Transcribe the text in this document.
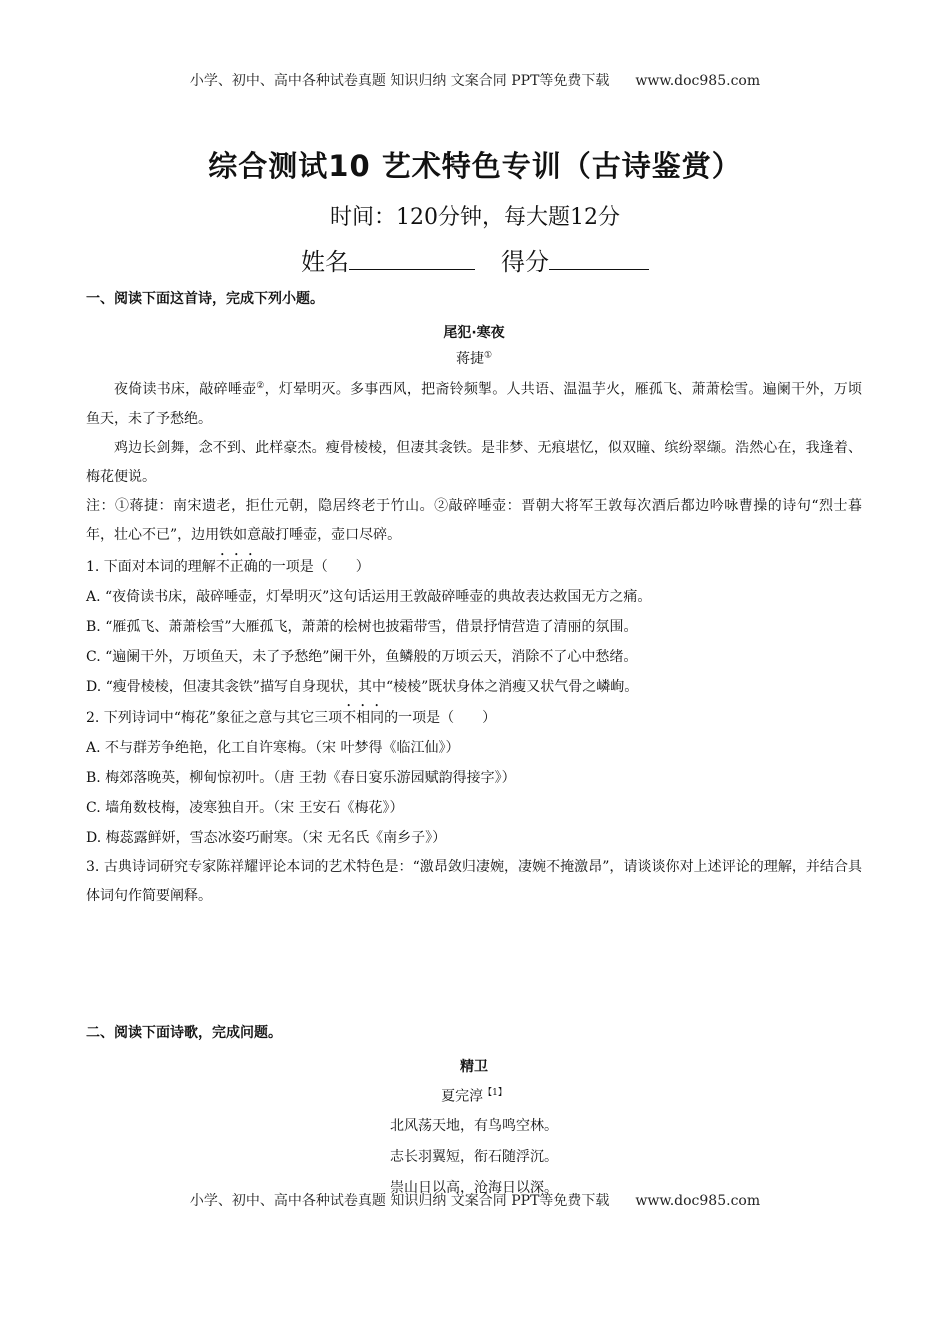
小学、初中、高中各种试卷真题 知识归纳 文案合同 PPT等免费下载 www.doc985.com
综合测试10 艺术特色专训（古诗鉴赏）
时间：120分钟，每大题12分
姓名	得分
一、阅读下面这首诗，完成下列小题。
尾犯·寒夜
蒋捷①
夜倚读书床，敲碎唾壶②，灯晕明灭。多事西风，把斋铃频掣。人共语、温温芋火，雁孤飞、萧萧桧雪。遍阑干外，万顷鱼天，未了予愁绝。
鸡边长剑舞，念不到、此样豪杰。瘦骨棱棱，但凄其衾铁。是非梦、无痕堪忆，似双瞳、缤纷翠缬。浩然心在，我逢着、梅花便说。
注：①蒋捷：南宋遗老，拒仕元朝，隐居终老于竹山。②敲碎唾壶：晋朝大将军王敦每次酒后都边吟咏曹操的诗句“烈士暮年，壮心不已”，边用铁如意敲打唾壶，壶口尽碎。
1. 下面对本词的理解不正确的一项是（　　）
A. “夜倚读书床，敲碎唾壶，灯晕明灭”这句话运用王敦敲碎唾壶的典故表达救国无方之痛。
B. “雁孤飞、萧萧桧雪”大雁孤飞，萧萧的桧树也披霜带雪，借景抒情营造了清丽的氛围。
C. “遍阑干外，万顷鱼天，未了予愁绝”阑干外，鱼鳞般的万顷云天，消除不了心中愁绪。
D. “瘦骨棱棱，但凄其衾铁”描写自身现状，其中“棱棱”既状身体之消瘦又状气骨之嶙峋。
2. 下列诗词中“梅花”象征之意与其它三项不相同的一项是（　　）
A. 不与群芳争绝艳，化工自许寒梅。（宋 叶梦得《临江仙》）
B. 梅郊落晚英，柳甸惊初叶。（唐 王勃《春日宴乐游园赋韵得接字》）
C. 墙角数枝梅，凌寒独自开。（宋 王安石《梅花》）
D. 梅蕊露鲜妍，雪态冰姿巧耐寒。（宋 无名氏《南乡子》）
3. 古典诗词研究专家陈祥耀评论本词的艺术特色是：“激昂敛归凄婉，凄婉不掩激昂”，请谈谈你对上述评论的理解，并结合具体词句作简要阐释。
二、阅读下面诗歌，完成问题。
精卫
夏完淳$^{【1】}$
北风荡天地，有鸟鸣空林。
志长羽翼短，衔石随浮沉。
崇山日以高，沧海日以深。
小学、初中、高中各种试卷真题 知识归纳 文案合同 PPT等免费下载 www.doc985.com
